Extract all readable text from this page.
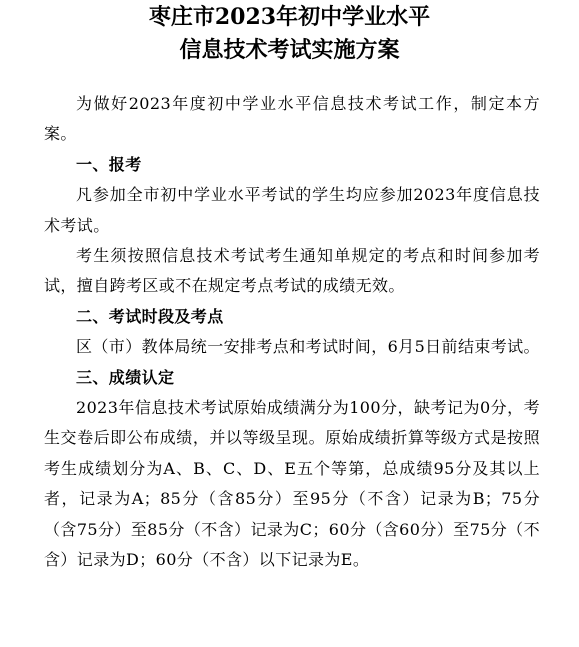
枣庄市2023年初中学业水平
信息技术考试实施方案

为做好2023年度初中学业水平信息技术考试工作，制定本方案。

一、报考

凡参加全市初中学业水平考试的学生均应参加2023年度信息技术考试。

考生须按照信息技术考试考生通知单规定的考点和时间参加考试，擅自跨考区或不在规定考点考试的成绩无效。

二、考试时段及考点

区（市）教体局统一安排考点和考试时间，6月5日前结束考试。

三、成绩认定

2023年信息技术考试原始成绩满分为100分，缺考记为0分，考生交卷后即公布成绩，并以等级呈现。原始成绩折算等级方式是按照考生成绩划分为A、B、C、D、E五个等第，总成绩95分及其以上者，记录为A；85分（含85分）至95分（不含）记录为B；75分（含75分）至85分（不含）记录为C；60分（含60分）至75分（不含）记录为D；60分（不含）以下记录为E。
